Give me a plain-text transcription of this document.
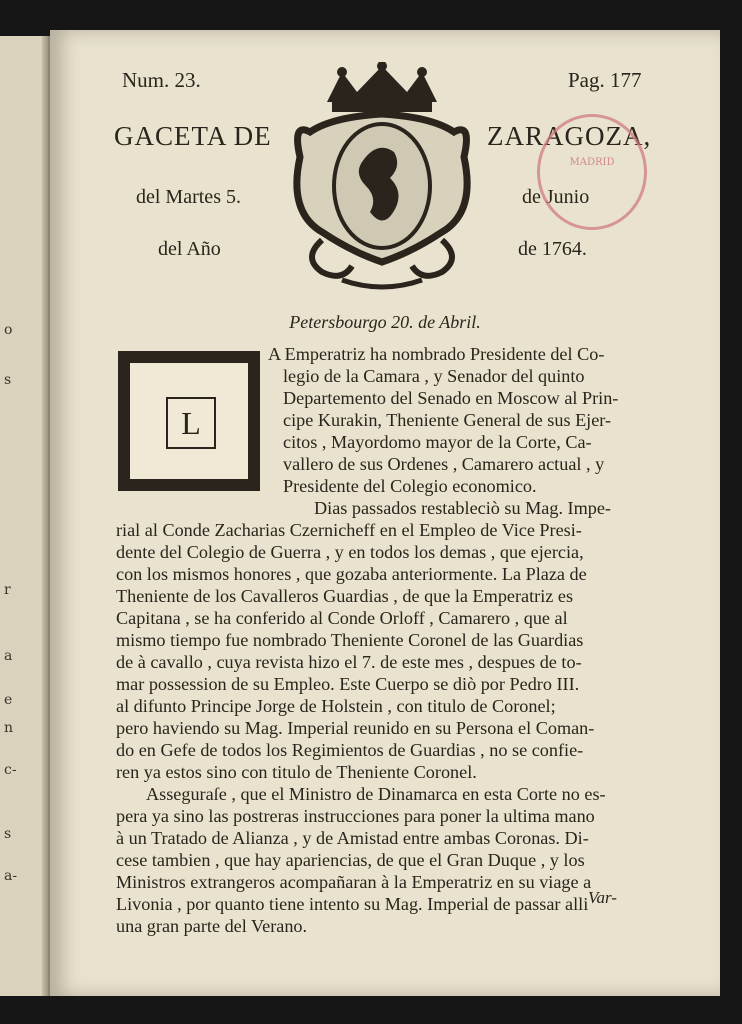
o
s
r
a
e
n
c-
s
a-
Num. 23.	Pag. 177
GACETA DE	ZARAGOZA,
del Martes 5.	de Junio
del Año	de 1764.
MADRID
Petersbourgo 20. de Abril.
L
A Emperatriz ha nombrado Presidente del Co-
legio de la Camara , y Senador del quinto
Departemento del Senado en Moscow al Prin-
cipe Kurakin, Theniente General de sus Ejer-
citos , Mayordomo mayor de la Corte, Ca-
vallero de sus Ordenes , Camarero actual , y
Presidente del Colegio economico.
Dias passados restableciò su Mag. Impe-
rial al Conde Zacharias Czernicheff en el Empleo de Vice Presi-
dente del Colegio de Guerra , y en todos los demas , que ejercia,
con los mismos honores , que gozaba anteriormente. La Plaza de
Theniente de los Cavalleros Guardias , de que la Emperatriz es
Capitana , se ha conferido al Conde Orloff , Camarero , que al
mismo tiempo fue nombrado Theniente Coronel de las Guardias
de à cavallo , cuya revista hizo el 7. de este mes , despues de to-
mar possession de su Empleo. Este Cuerpo se diò por Pedro III.
al difunto Principe Jorge de Holstein , con titulo de Coronel;
pero haviendo su Mag. Imperial reunido en su Persona el Coman-
do en Gefe de todos los Regimientos de Guardias , no se confie-
ren ya estos sino con titulo de Theniente Coronel.
Asseguraſe , que el Ministro de Dinamarca en esta Corte no es-
pera ya sino las postreras instrucciones para poner la ultima mano
à un Tratado de Alianza , y de Amistad entre ambas Coronas. Di-
cese tambien , que hay apariencias, de que el Gran Duque , y los
Ministros extrangeros acompañaran à la Emperatriz en su viage a
Livonia , por quanto tiene intento su Mag. Imperial de passar alli
una gran parte del Verano.
Var-
